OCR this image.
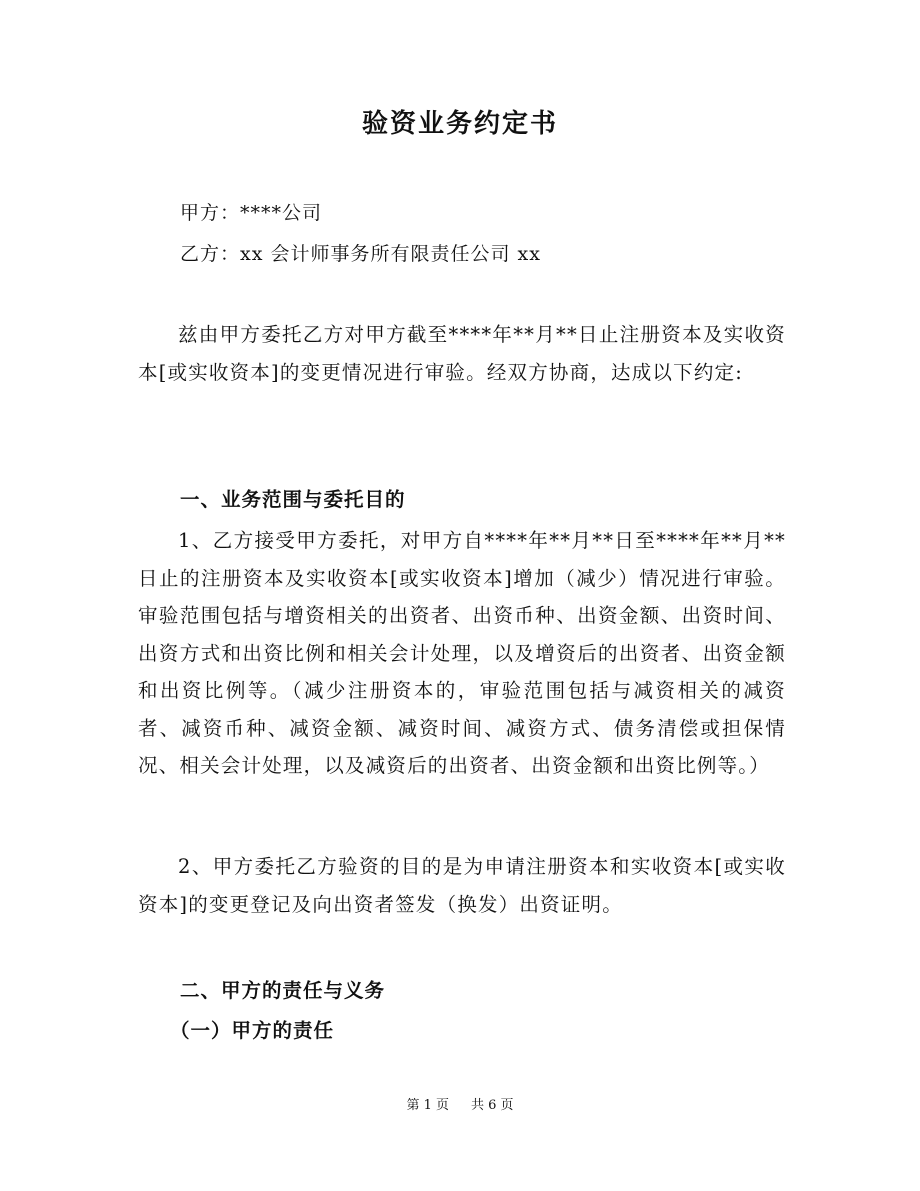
验资业务约定书
甲方：****公司
乙方：xx 会计师事务所有限责任公司 xx
兹由甲方委托乙方对甲方截至****年**月**日止注册资本及实收资本[或实收资本]的变更情况进行审验。经双方协商，达成以下约定:
一、业务范围与委托目的
1、乙方接受甲方委托，对甲方自****年**月**日至****年**月**日止的注册资本及实收资本[或实收资本]增加（减少）情况进行审验。审验范围包括与增资相关的出资者、出资币种、出资金额、出资时间、出资方式和出资比例和相关会计处理，以及增资后的出资者、出资金额和出资比例等。（减少注册资本的，审验范围包括与减资相关的减资者、减资币种、减资金额、减资时间、减资方式、债务清偿或担保情况、相关会计处理，以及减资后的出资者、出资金额和出资比例等。）
2、甲方委托乙方验资的目的是为申请注册资本和实收资本[或实收资本]的变更登记及向出资者签发（换发）出资证明。
二、甲方的责任与义务
（一）甲方的责任
第 1 页 共 6 页
